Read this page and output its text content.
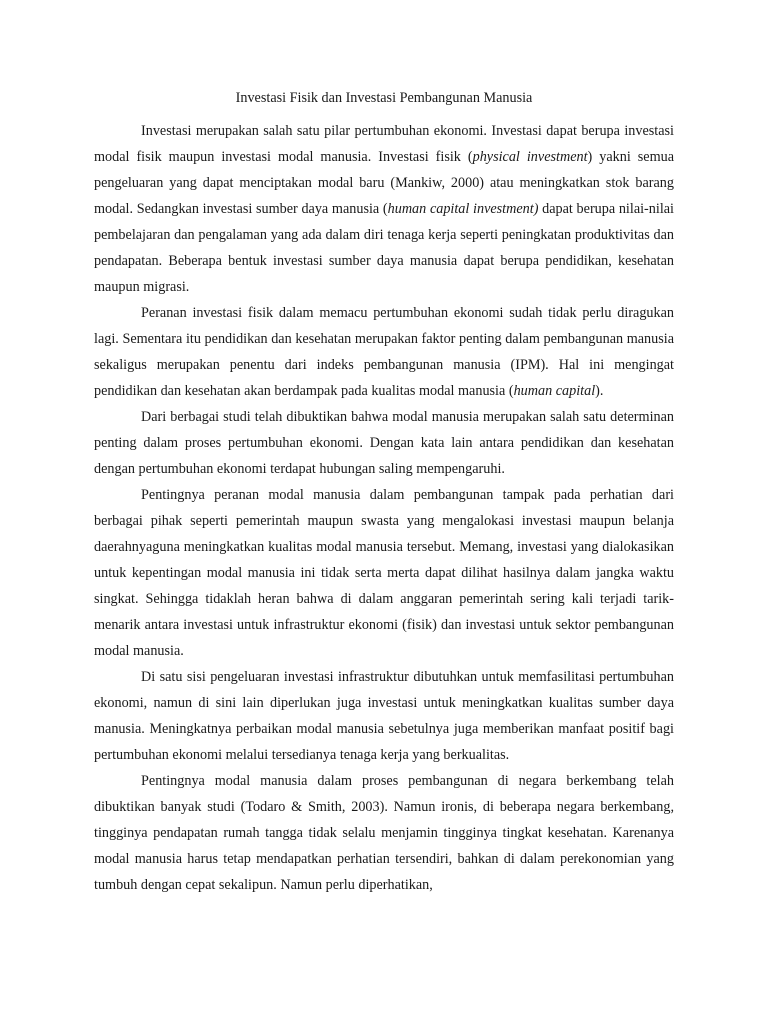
Investasi Fisik dan Investasi Pembangunan Manusia

Investasi merupakan salah satu pilar pertumbuhan ekonomi. Investasi dapat berupa investasi modal fisik maupun investasi modal manusia. Investasi fisik (physical investment) yakni semua pengeluaran yang dapat menciptakan modal baru (Mankiw, 2000) atau meningkatkan stok barang modal. Sedangkan investasi sumber daya manusia (human capital investment) dapat berupa nilai-nilai pembelajaran dan pengalaman yang ada dalam diri tenaga kerja seperti peningkatan produktivitas dan pendapatan. Beberapa bentuk investasi sumber daya manusia dapat berupa pendidikan, kesehatan maupun migrasi.

Peranan investasi fisik dalam memacu pertumbuhan ekonomi sudah tidak perlu diragukan lagi. Sementara itu pendidikan dan kesehatan merupakan faktor penting dalam pembangunan manusia sekaligus merupakan penentu dari indeks pembangunan manusia (IPM). Hal ini mengingat pendidikan dan kesehatan akan berdampak pada kualitas modal manusia (human capital).

Dari berbagai studi telah dibuktikan bahwa modal manusia merupakan salah satu determinan penting dalam proses pertumbuhan ekonomi. Dengan kata lain antara pendidikan dan kesehatan dengan pertumbuhan ekonomi terdapat hubungan saling mempengaruhi.

Pentingnya peranan modal manusia dalam pembangunan tampak pada perhatian dari berbagai pihak seperti pemerintah maupun swasta yang mengalokasi investasi maupun belanja daerahnyaguna meningkatkan kualitas modal manusia tersebut. Memang, investasi yang dialokasikan untuk kepentingan modal manusia ini tidak serta merta dapat dilihat hasilnya dalam jangka waktu singkat. Sehingga tidaklah heran bahwa di dalam anggaran pemerintah sering kali terjadi tarik-menarik antara investasi untuk infrastruktur ekonomi (fisik) dan investasi untuk sektor pembangunan modal manusia.

Di satu sisi pengeluaran investasi infrastruktur dibutuhkan untuk memfasilitasi pertumbuhan ekonomi, namun di sini lain diperlukan juga investasi untuk meningkatkan kualitas sumber daya manusia. Meningkatnya perbaikan modal manusia sebetulnya juga memberikan manfaat positif bagi pertumbuhan ekonomi melalui tersedianya tenaga kerja yang berkualitas.

Pentingnya modal manusia dalam proses pembangunan di negara berkembang telah dibuktikan banyak studi (Todaro & Smith, 2003). Namun ironis, di beberapa negara berkembang, tingginya pendapatan rumah tangga tidak selalu menjamin tingginya tingkat kesehatan. Karenanya modal manusia harus tetap mendapatkan perhatian tersendiri, bahkan di dalam perekonomian yang tumbuh dengan cepat sekalipun. Namun perlu diperhatikan,
